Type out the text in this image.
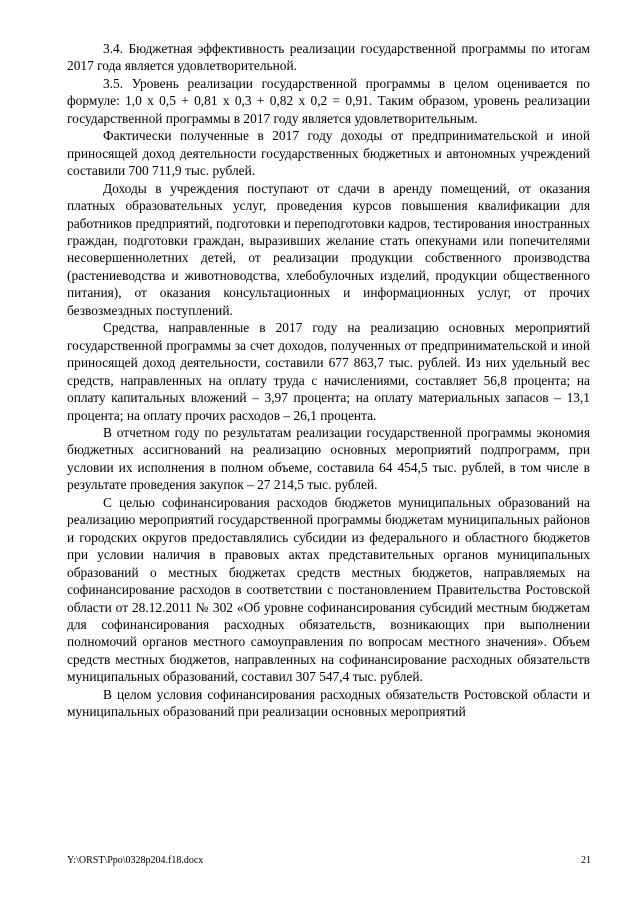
3.4. Бюджетная эффективность реализации государственной программы по итогам 2017 года является удовлетворительной.

3.5. Уровень реализации государственной программы в целом оценивается по формуле: 1,0 х 0,5 + 0,81 х 0,3 + 0,82 х 0,2 = 0,91. Таким образом, уровень реализации государственной программы в 2017 году является удовлетворительным.

Фактически полученные в 2017 году доходы от предпринимательской и иной приносящей доход деятельности государственных бюджетных и автономных учреждений составили 700 711,9 тыс. рублей.

Доходы в учреждения поступают от сдачи в аренду помещений, от оказания платных образовательных услуг, проведения курсов повышения квалификации для работников предприятий, подготовки и переподготовки кадров, тестирования иностранных граждан, подготовки граждан, выразивших желание стать опекунами или попечителями несовершеннолетних детей, от реализации продукции собственного производства (растениеводства и животноводства, хлебобулочных изделий, продукции общественного питания), от оказания консультационных и информационных услуг, от прочих безвозмездных поступлений.

Средства, направленные в 2017 году на реализацию основных мероприятий государственной программы за счет доходов, полученных от предпринимательской и иной приносящей доход деятельности, составили 677 863,7 тыс. рублей. Из них удельный вес средств, направленных на оплату труда с начислениями, составляет 56,8 процента; на оплату капитальных вложений – 3,97 процента; на оплату материальных запасов – 13,1 процента; на оплату прочих расходов – 26,1 процента.

В отчетном году по результатам реализации государственной программы экономия бюджетных ассигнований на реализацию основных мероприятий подпрограмм, при условии их исполнения в полном объеме, составила 64 454,5 тыс. рублей, в том числе в результате проведения закупок – 27 214,5 тыс. рублей.

С целью софинансирования расходов бюджетов муниципальных образований на реализацию мероприятий государственной программы бюджетам муниципальных районов и городских округов предоставлялись субсидии из федерального и областного бюджетов при условии наличия в правовых актах представительных органов муниципальных образований о местных бюджетах средств местных бюджетов, направляемых на софинансирование расходов в соответствии с постановлением Правительства Ростовской области от 28.12.2011 № 302 «Об уровне софинансирования субсидий местным бюджетам для софинансирования расходных обязательств, возникающих при выполнении полномочий органов местного самоуправления по вопросам местного значения». Объем средств местных бюджетов, направленных на софинансирование расходных обязательств муниципальных образований, составил 307 547,4 тыс. рублей.

В целом условия софинансирования расходных обязательств Ростовской области и муниципальных образований при реализации основных мероприятий

Y:\ORST\Ppo\0328p204.f18.docx	21
